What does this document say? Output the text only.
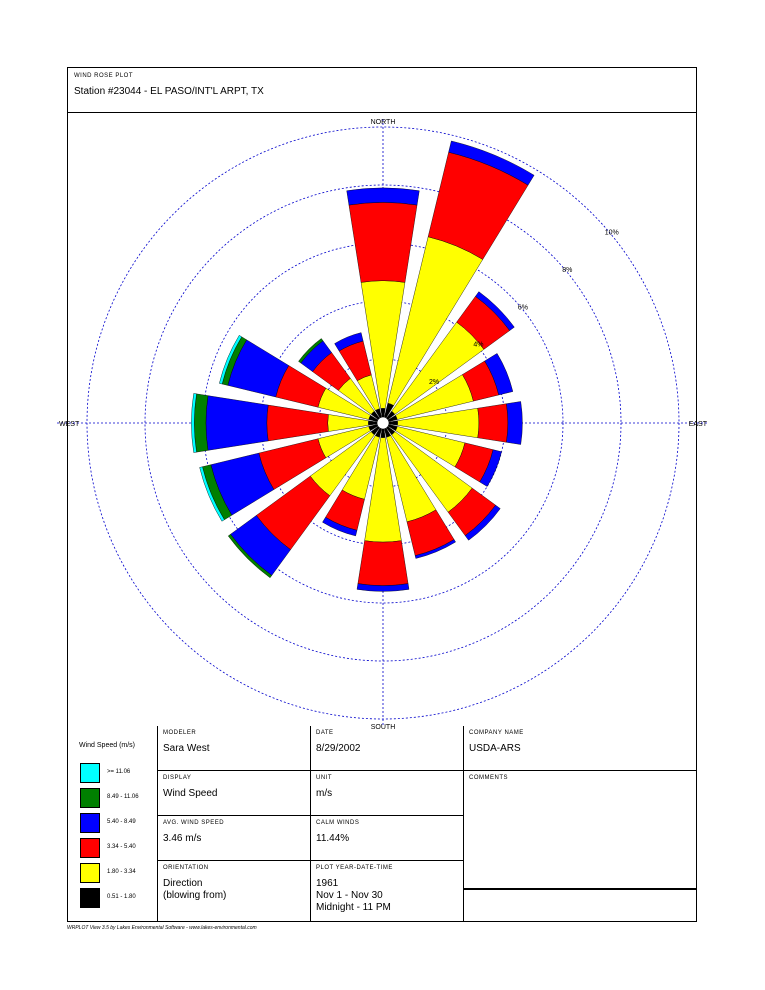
WIND ROSE PLOT
Station #23044 - EL PASO/INT'L ARPT, TX
NORTH
SOUTH
WEST	EAST
2%
4%
6%
8%
10%
Wind Speed (m/s)
>= 11.06
8.49 - 11.06
5.40 - 8.49
3.34 - 5.40
1.80 - 3.34
0.51 - 1.80
MODELER
Sara West
DATE
8/29/2002
COMPANY NAME
USDA-ARS
DISPLAY
Wind Speed
UNIT
m/s
COMMENTS
AVG. WIND SPEED
3.46 m/s
CALM WINDS
11.44%
ORIENTATION
Direction
(blowing from)
PLOT YEAR-DATE-TIME
1961
Nov 1 - Nov 30
Midnight - 11 PM
WRPLOT View 3.5 by Lakes Environmental Software - www.lakes-environmental.com
